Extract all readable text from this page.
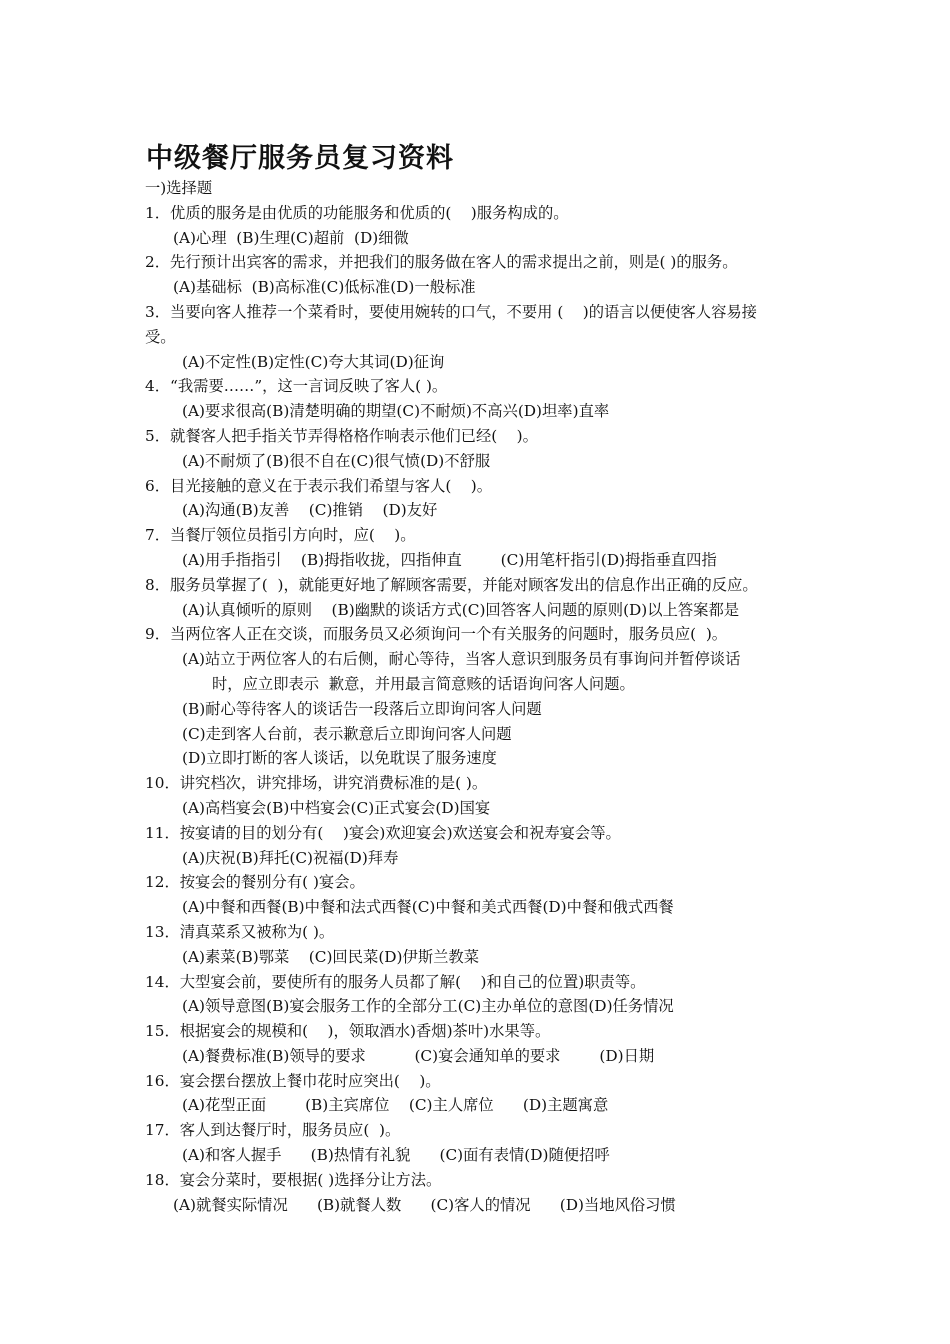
中级餐厅服务员复习资料
一)选择题
1．优质的服务是由优质的功能服务和优质的(    )服务构成的。
(A)心理  (B)生理(C)超前  (D)细微
2．先行预计出宾客的需求，并把我们的服务做在客人的需求提出之前，则是( )的服务。
(A)基础标  (B)高标准(C)低标准(D)一般标准
3．当要向客人推荐一个菜肴时，要使用婉转的口气，不要用 (    )的语言以便使客人容易接
受。
(A)不定性(B)定性(C)夸大其词(D)征询
4．“我需要……”，这一言词反映了客人( )。
(A)要求很高(B)清楚明确的期望(C)不耐烦)不高兴(D)坦率)直率
5．就餐客人把手指关节弄得格格作响表示他们已经(    )。
(A)不耐烦了(B)很不自在(C)很气愤(D)不舒服
6．目光接触的意义在于表示我们希望与客人(    )。
(A)沟通(B)友善    (C)推销    (D)友好
7．当餐厅领位员指引方向时，应(    )。
(A)用手指指引    (B)拇指收拢，四指伸直        (C)用笔杆指引(D)拇指垂直四指
8．服务员掌握了(  )，就能更好地了解顾客需要，并能对顾客发出的信息作出正确的反应。
(A)认真倾听的原则    (B)幽默的谈话方式(C)回答客人问题的原则(D)以上答案都是
9．当两位客人正在交谈，而服务员又必须询问一个有关服务的问题时，服务员应(  )。
(A)站立于两位客人的右后侧，耐心等待，当客人意识到服务员有事询问并暂停谈话
时，应立即表示  歉意，并用最言简意赅的话语询问客人问题。
(B)耐心等待客人的谈话告一段落后立即询问客人问题
(C)走到客人台前，表示歉意后立即询问客人问题
(D)立即打断的客人谈话，以免耽误了服务速度
10．讲究档次，讲究排场，讲究消费标准的是( )。
(A)高档宴会(B)中档宴会(C)正式宴会(D)国宴
11．按宴请的目的划分有(    )宴会)欢迎宴会)欢送宴会和祝寿宴会等。
(A)庆祝(B)拜托(C)祝福(D)拜寿
12．按宴会的餐别分有( )宴会。
(A)中餐和西餐(B)中餐和法式西餐(C)中餐和美式西餐(D)中餐和俄式西餐
13．清真菜系又被称为( )。
(A)素菜(B)鄂菜    (C)回民菜(D)伊斯兰教菜
14．大型宴会前，要使所有的服务人员都了解(    )和自己的位置)职责等。
(A)领导意图(B)宴会服务工作的全部分工(C)主办单位的意图(D)任务情况
15．根据宴会的规模和(    )，领取酒水)香烟)茶叶)水果等。
(A)餐费标准(B)领导的要求          (C)宴会通知单的要求        (D)日期
16．宴会摆台摆放上餐巾花时应突出(    )。
(A)花型正面        (B)主宾席位    (C)主人席位      (D)主题寓意
17．客人到达餐厅时，服务员应(  )。
(A)和客人握手      (B)热情有礼貌      (C)面有表情(D)随便招呼
18．宴会分菜时，要根据( )选择分让方法。
(A)就餐实际情况      (B)就餐人数      (C)客人的情况      (D)当地风俗习惯
